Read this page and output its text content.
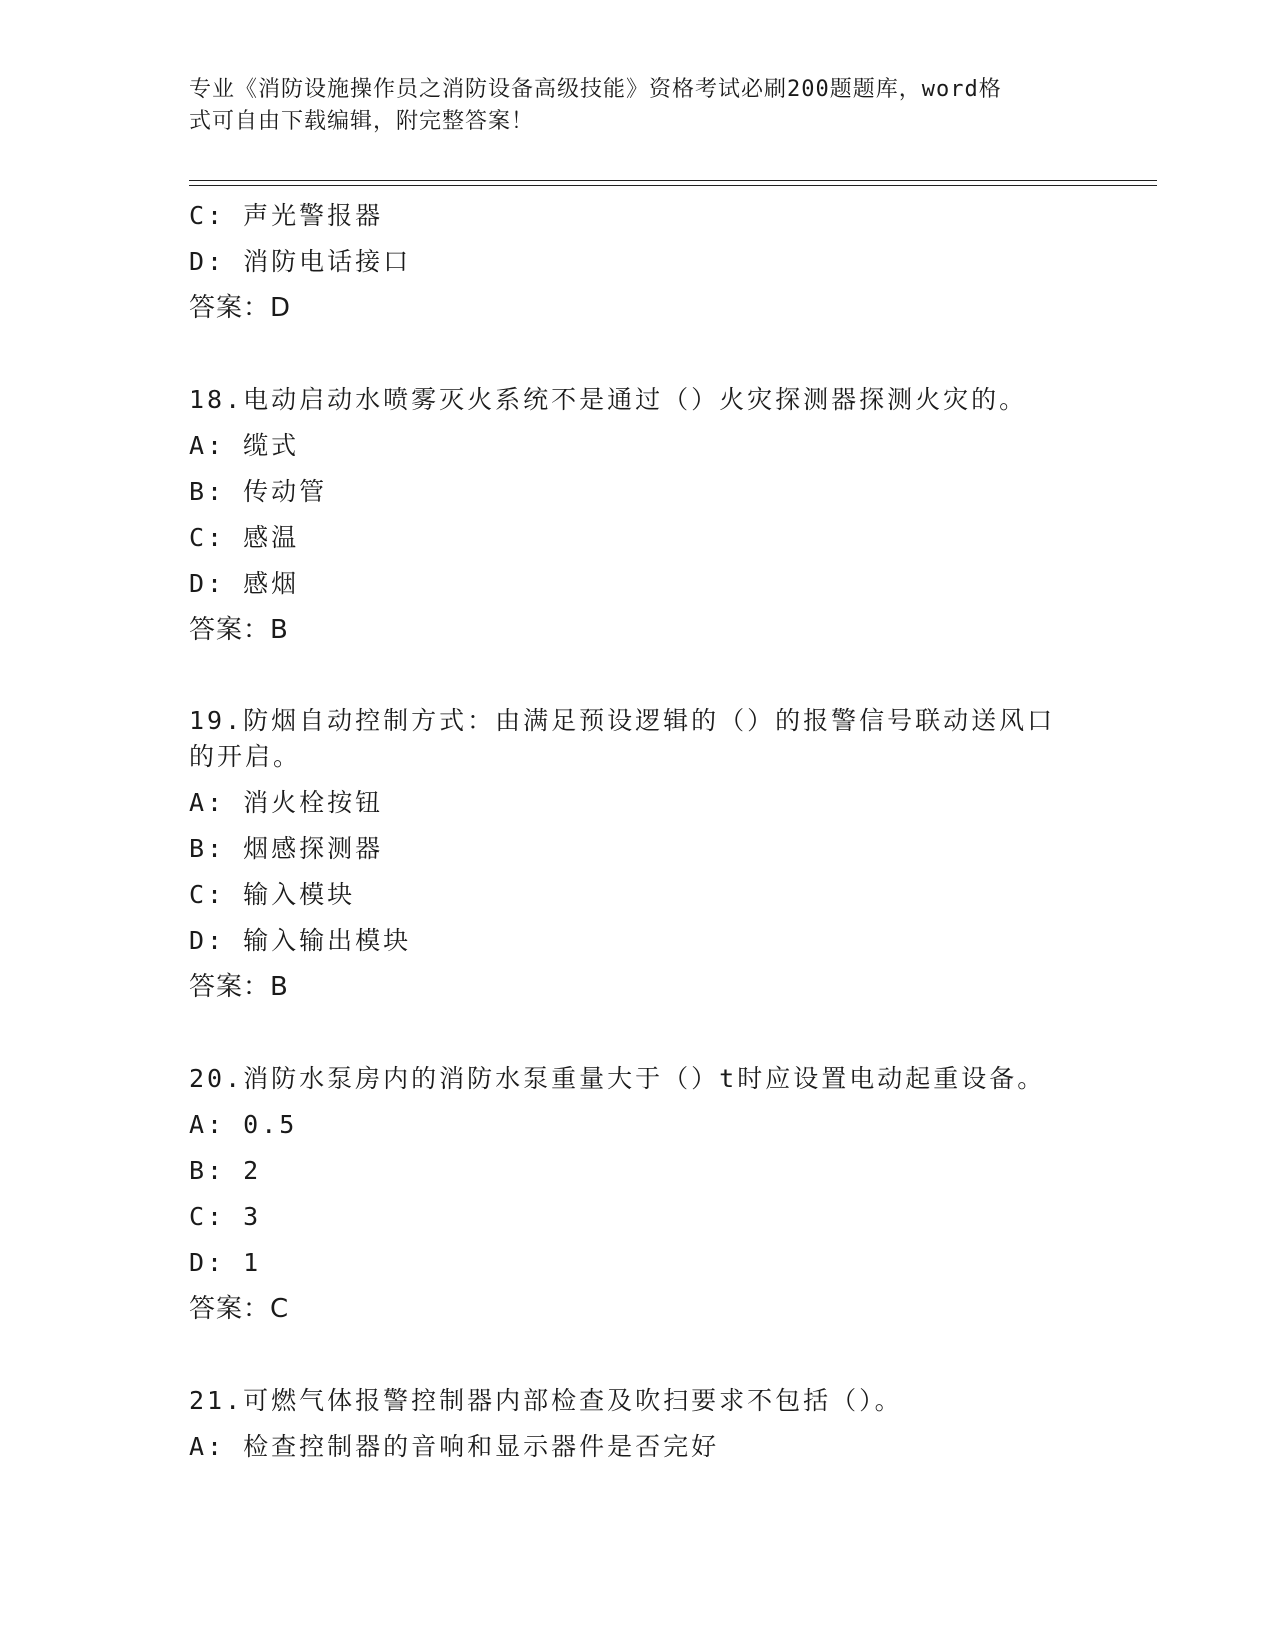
专业《消防设施操作员之消防设备高级技能》资格考试必刷200题题库，word格
式可自由下载编辑，附完整答案！
C: 声光警报器
D: 消防电话接口
答案：D
18.电动启动水喷雾灭火系统不是通过（）火灾探测器探测火灾的。
A: 缆式
B: 传动管
C: 感温
D: 感烟
答案：B
19.防烟自动控制方式：由满足预设逻辑的（）的报警信号联动送风口
的开启。
A: 消火栓按钮
B: 烟感探测器
C: 输入模块
D: 输入输出模块
答案：B
20.消防水泵房内的消防水泵重量大于（）t时应设置电动起重设备。
A: 0.5
B: 2
C: 3
D: 1
答案：C
21.可燃气体报警控制器内部检查及吹扫要求不包括（）。
A: 检查控制器的音响和显示器件是否完好
